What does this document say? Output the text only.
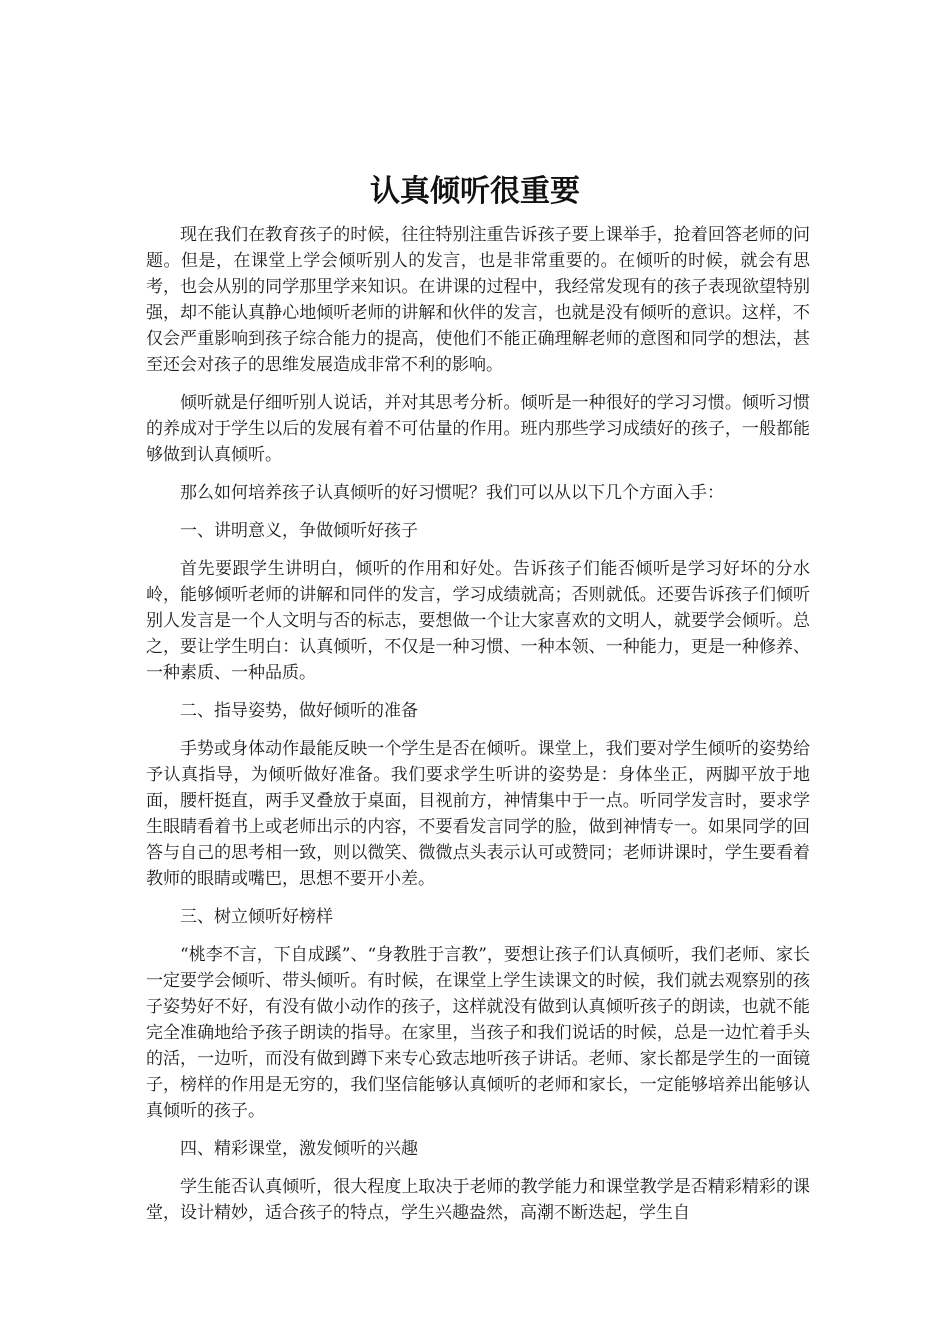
认真倾听很重要

现在我们在教育孩子的时候，往往特别注重告诉孩子要上课举手，抢着回答老师的问题。但是，在课堂上学会倾听别人的发言，也是非常重要的。在倾听的时候，就会有思考，也会从别的同学那里学来知识。在讲课的过程中，我经常发现有的孩子表现欲望特别强，却不能认真静心地倾听老师的讲解和伙伴的发言，也就是没有倾听的意识。这样，不仅会严重影响到孩子综合能力的提高，使他们不能正确理解老师的意图和同学的想法，甚至还会对孩子的思维发展造成非常不利的影响。

倾听就是仔细听别人说话，并对其思考分析。倾听是一种很好的学习习惯。倾听习惯的养成对于学生以后的发展有着不可估量的作用。班内那些学习成绩好的孩子，一般都能够做到认真倾听。

那么如何培养孩子认真倾听的好习惯呢？我们可以从以下几个方面入手：

一、讲明意义，争做倾听好孩子

首先要跟学生讲明白，倾听的作用和好处。告诉孩子们能否倾听是学习好坏的分水岭，能够倾听老师的讲解和同伴的发言，学习成绩就高；否则就低。还要告诉孩子们倾听别人发言是一个人文明与否的标志，要想做一个让大家喜欢的文明人，就要学会倾听。总之，要让学生明白：认真倾听，不仅是一种习惯、一种本领、一种能力，更是一种修养、一种素质、一种品质。

二、指导姿势，做好倾听的准备

手势或身体动作最能反映一个学生是否在倾听。课堂上，我们要对学生倾听的姿势给予认真指导，为倾听做好准备。我们要求学生听讲的姿势是：身体坐正，两脚平放于地面，腰杆挺直，两手叉叠放于桌面，目视前方，神情集中于一点。听同学发言时，要求学生眼睛看着书上或老师出示的内容，不要看发言同学的脸，做到神情专一。如果同学的回答与自己的思考相一致，则以微笑、微微点头表示认可或赞同；老师讲课时，学生要看着教师的眼睛或嘴巴，思想不要开小差。

三、树立倾听好榜样

“桃李不言，下自成蹊”、“身教胜于言教”，要想让孩子们认真倾听，我们老师、家长一定要学会倾听、带头倾听。有时候，在课堂上学生读课文的时候，我们就去观察别的孩子姿势好不好，有没有做小动作的孩子，这样就没有做到认真倾听孩子的朗读，也就不能完全准确地给予孩子朗读的指导。在家里，当孩子和我们说话的时候，总是一边忙着手头的活，一边听，而没有做到蹲下来专心致志地听孩子讲话。老师、家长都是学生的一面镜子，榜样的作用是无穷的，我们坚信能够认真倾听的老师和家长，一定能够培养出能够认真倾听的孩子。

四、精彩课堂，激发倾听的兴趣

学生能否认真倾听，很大程度上取决于老师的教学能力和课堂教学是否精彩精彩的课堂，设计精妙，适合孩子的特点，学生兴趣盎然，高潮不断迭起，学生自
